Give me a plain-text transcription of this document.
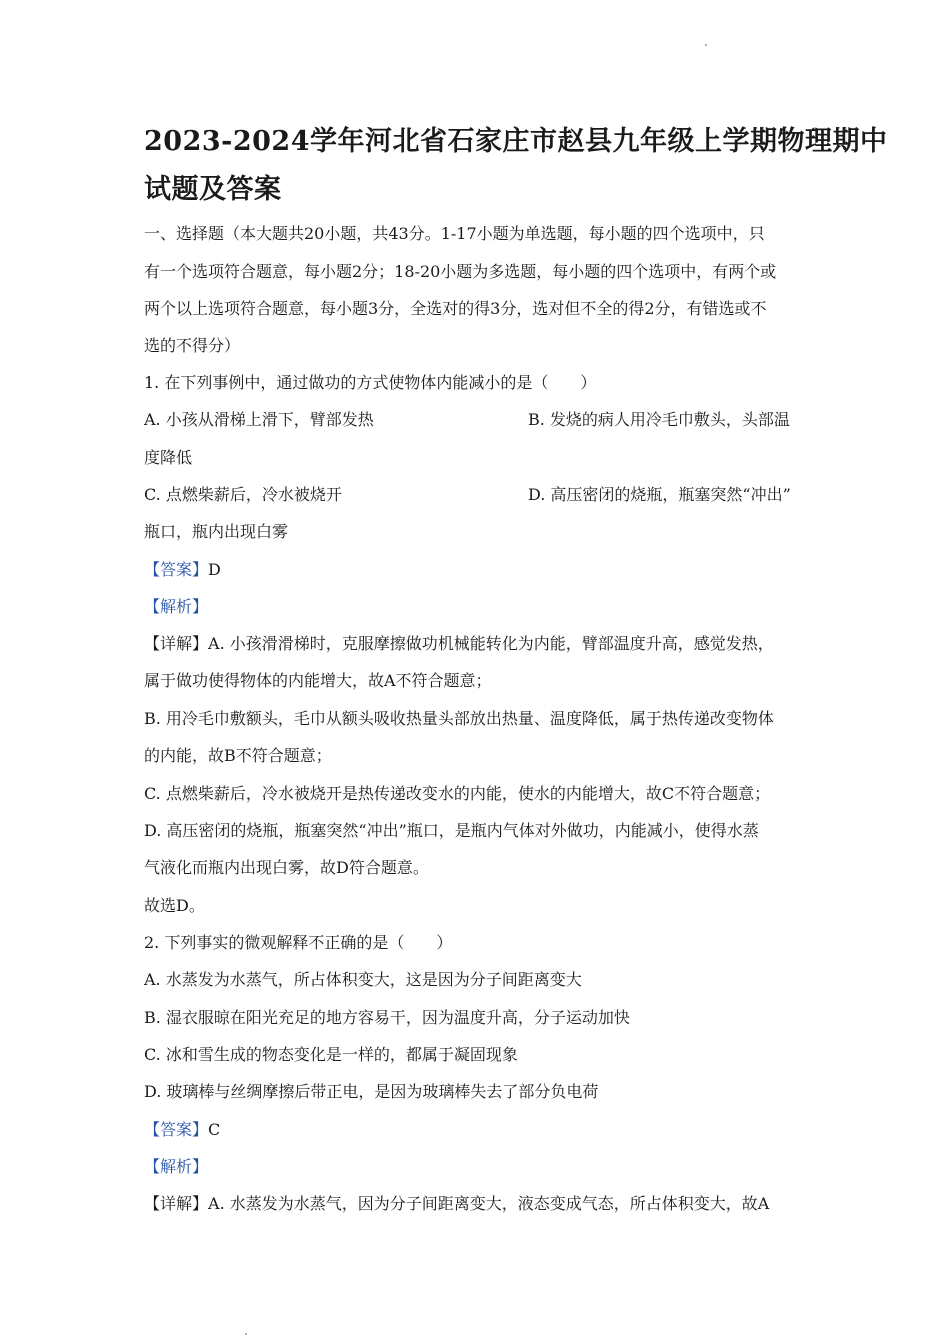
2023-2024学年河北省石家庄市赵县九年级上学期物理期中
试题及答案
一、选择题（本大题共20小题，共43分。1-17小题为单选题，每小题的四个选项中，只
有一个选项符合题意，每小题2分；18-20小题为多选题，每小题的四个选项中，有两个或
两个以上选项符合题意，每小题3分，全选对的得3分，选对但不全的得2分，有错选或不
选的不得分）
1. 在下列事例中，通过做功的方式使物体内能减小的是（　　）
A. 小孩从滑梯上滑下，臂部发热	B. 发烧的病人用冷毛巾敷头，头部温
度降低
C. 点燃柴薪后，冷水被烧开	D. 高压密闭的烧瓶，瓶塞突然“冲出”
瓶口，瓶内出现白雾
【答案】D
【解析】
【详解】A. 小孩滑滑梯时，克服摩擦做功机械能转化为内能，臂部温度升高，感觉发热，
属于做功使得物体的内能增大，故A不符合题意；
B. 用冷毛巾敷额头，毛巾从额头吸收热量头部放出热量、温度降低，属于热传递改变物体
的内能，故B不符合题意；
C. 点燃柴薪后，冷水被烧开是热传递改变水的内能，使水的内能增大，故C不符合题意；
D. 高压密闭的烧瓶，瓶塞突然“冲出”瓶口，是瓶内气体对外做功，内能减小，使得水蒸
气液化而瓶内出现白雾，故D符合题意。
故选D。
2. 下列事实的微观解释不正确的是（　　）
A. 水蒸发为水蒸气，所占体积变大，这是因为分子间距离变大
B. 湿衣服晾在阳光充足的地方容易干，因为温度升高，分子运动加快
C. 冰和雪生成的物态变化是一样的，都属于凝固现象
D. 玻璃棒与丝绸摩擦后带正电，是因为玻璃棒失去了部分负电荷
【答案】C
【解析】
【详解】A. 水蒸发为水蒸气，因为分子间距离变大，液态变成气态，所占体积变大，故A
